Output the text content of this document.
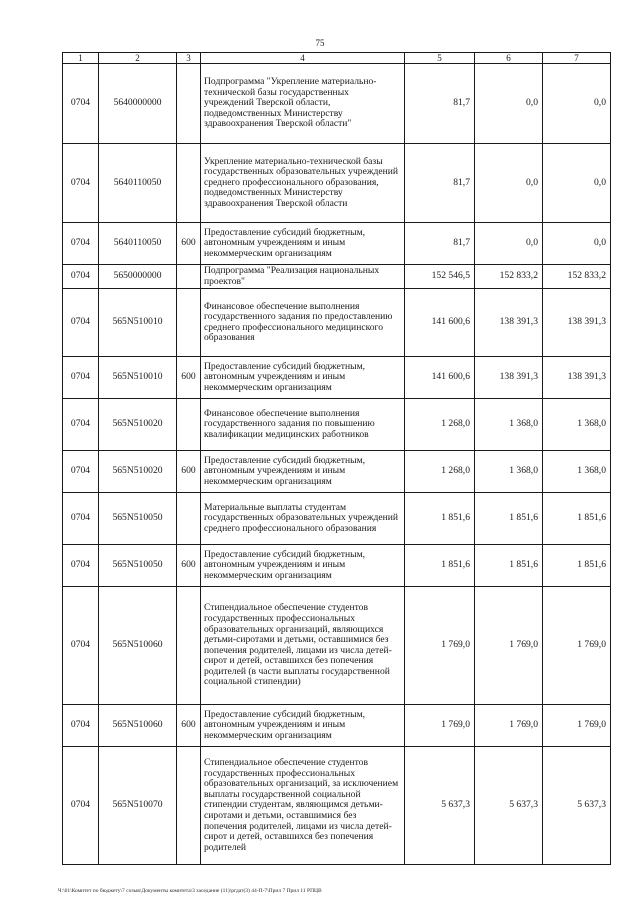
75
1	2	3	4	5	6	7
0704	5640000000		Подпрограмма "Укрепление материально-технической базы государственных учреждений Тверской области, подведомственных Министерству здравоохранения Тверской области"	81,7	0,0	0,0
0704	5640110050		Укрепление материально-технической базы государственных образовательных учреждений среднего профессионального образования, подведомственных Министерству здравоохранения Тверской области	81,7	0,0	0,0
0704	5640110050	600	Предоставление субсидий бюджетным, автономным учреждениям и иным некоммерческим организациям	81,7	0,0	0,0
0704	5650000000		Подпрограмма "Реализация национальных проектов"	152 546,5	152 833,2	152 833,2
0704	565N510010		Финансовое обеспечение выполнения государственного задания по предоставлению среднего профессионального медицинского образования	141 600,6	138 391,3	138 391,3
0704	565N510010	600	Предоставление субсидий бюджетным, автономным учреждениям и иным некоммерческим организациям	141 600,6	138 391,3	138 391,3
0704	565N510020		Финансовое обеспечение выполнения государственного задания по повышению квалификации медицинских работников	1 268,0	1 368,0	1 368,0
0704	565N510020	600	Предоставление субсидий бюджетным, автономным учреждениям и иным некоммерческим организациям	1 268,0	1 368,0	1 368,0
0704	565N510050		Материальные выплаты студентам государственных образовательных учреждений среднего профессионального образования	1 851,6	1 851,6	1 851,6
0704	565N510050	600	Предоставление субсидий бюджетным, автономным учреждениям и иным некоммерческим организациям	1 851,6	1 851,6	1 851,6
0704	565N510060		Стипендиальное обеспечение студентов государственных профессиональных образовательных организаций, являющихся детьми-сиротами и детьми, оставшимися без попечения родителей, лицами из числа детей-сирот и детей, оставшихся без попечения родителей (в части выплаты государственной социальной стипендии)	1 769,0	1 769,0	1 769,0
0704	565N510060	600	Предоставление субсидий бюджетным, автономным учреждениям и иным некоммерческим организациям	1 769,0	1 769,0	1 769,0
0704	565N510070		Стипендиальное обеспечение студентов государственных профессиональных образовательных организаций, за исключением выплаты государственной социальной стипендии студентам, являющимся детьми-сиротами и детьми, оставшимися без попечения родителей, лицами из числа детей-сирот и детей, оставшихся без попечения родителей	5 637,3	5 637,3	5 637,3
Ч:\01\Комитет по бюджету\7 созыв\Документы комитета\3 заседание (11)\ргдат(3) 44-П-7\Прил 7 Прил 11 РПЦВ
